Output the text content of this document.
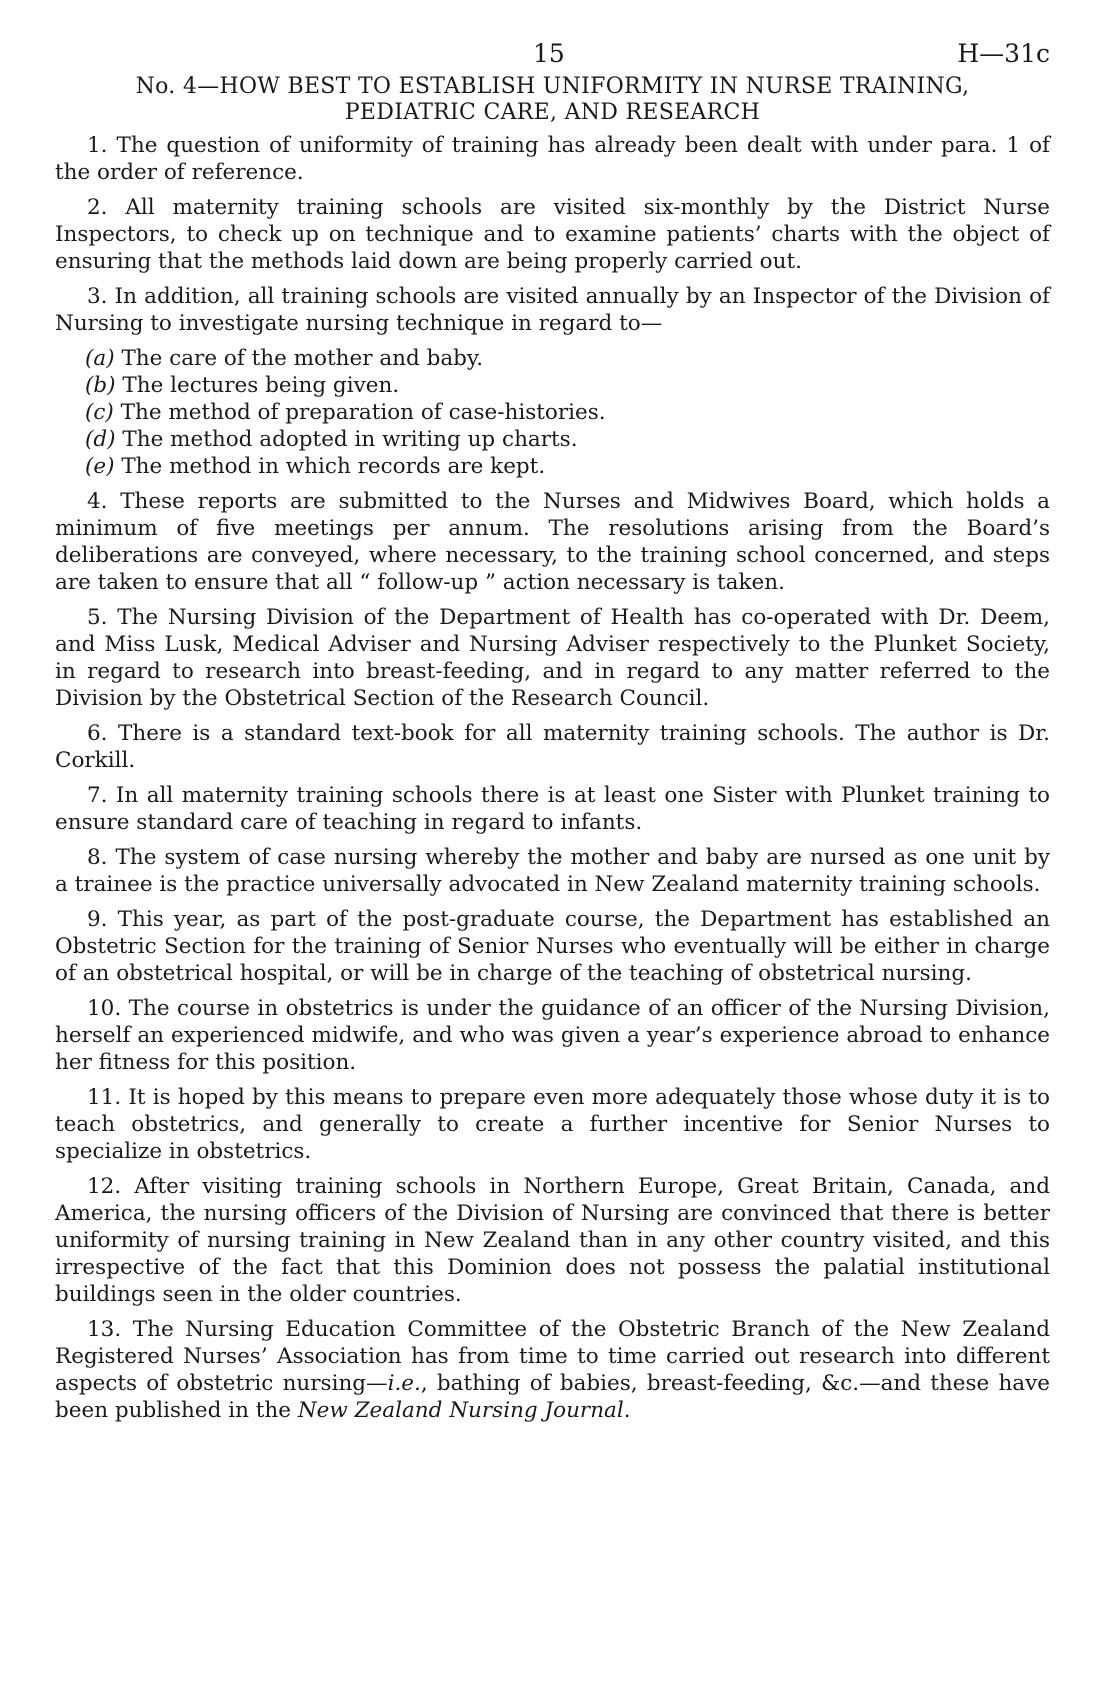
15	H—31c
No. 4—HOW BEST TO ESTABLISH UNIFORMITY IN NURSE TRAINING,
PEDIATRIC CARE, AND RESEARCH

1. The question of uniformity of training has already been dealt with under para. 1 of the order of reference.

2. All maternity training schools are visited six-monthly by the District Nurse Inspectors, to check up on technique and to examine patients’ charts with the object of ensuring that the methods laid down are being properly carried out.

3. In addition, all training schools are visited annually by an Inspector of the Division of Nursing to investigate nursing technique in regard to—

(a) The care of the mother and baby.
(b) The lectures being given.
(c) The method of preparation of case-histories.
(d) The method adopted in writing up charts.
(e) The method in which records are kept.

4. These reports are submitted to the Nurses and Midwives Board, which holds a minimum of five meetings per annum. The resolutions arising from the Board’s deliberations are conveyed, where necessary, to the training school concerned, and steps are taken to ensure that all “ follow-up ” action necessary is taken.

5. The Nursing Division of the Department of Health has co-operated with Dr. Deem, and Miss Lusk, Medical Adviser and Nursing Adviser respectively to the Plunket Society, in regard to research into breast-feeding, and in regard to any matter referred to the Division by the Obstetrical Section of the Research Council.

6. There is a standard text-book for all maternity training schools. The author is Dr. Corkill.

7. In all maternity training schools there is at least one Sister with Plunket training to ensure standard care of teaching in regard to infants.

8. The system of case nursing whereby the mother and baby are nursed as one unit by a trainee is the practice universally advocated in New Zealand maternity training schools.

9. This year, as part of the post-graduate course, the Department has established an Obstetric Section for the training of Senior Nurses who eventually will be either in charge of an obstetrical hospital, or will be in charge of the teaching of obstetrical nursing.

10. The course in obstetrics is under the guidance of an officer of the Nursing Division, herself an experienced midwife, and who was given a year’s experience abroad to enhance her fitness for this position.

11. It is hoped by this means to prepare even more adequately those whose duty it is to teach obstetrics, and generally to create a further incentive for Senior Nurses to specialize in obstetrics.

12. After visiting training schools in Northern Europe, Great Britain, Canada, and America, the nursing officers of the Division of Nursing are convinced that there is better uniformity of nursing training in New Zealand than in any other country visited, and this irrespective of the fact that this Dominion does not possess the palatial institutional buildings seen in the older countries.

13. The Nursing Education Committee of the Obstetric Branch of the New Zealand Registered Nurses’ Association has from time to time carried out research into different aspects of obstetric nursing—i.e., bathing of babies, breast-feeding, &c.—and these have been published in the New Zealand Nursing Journal.
